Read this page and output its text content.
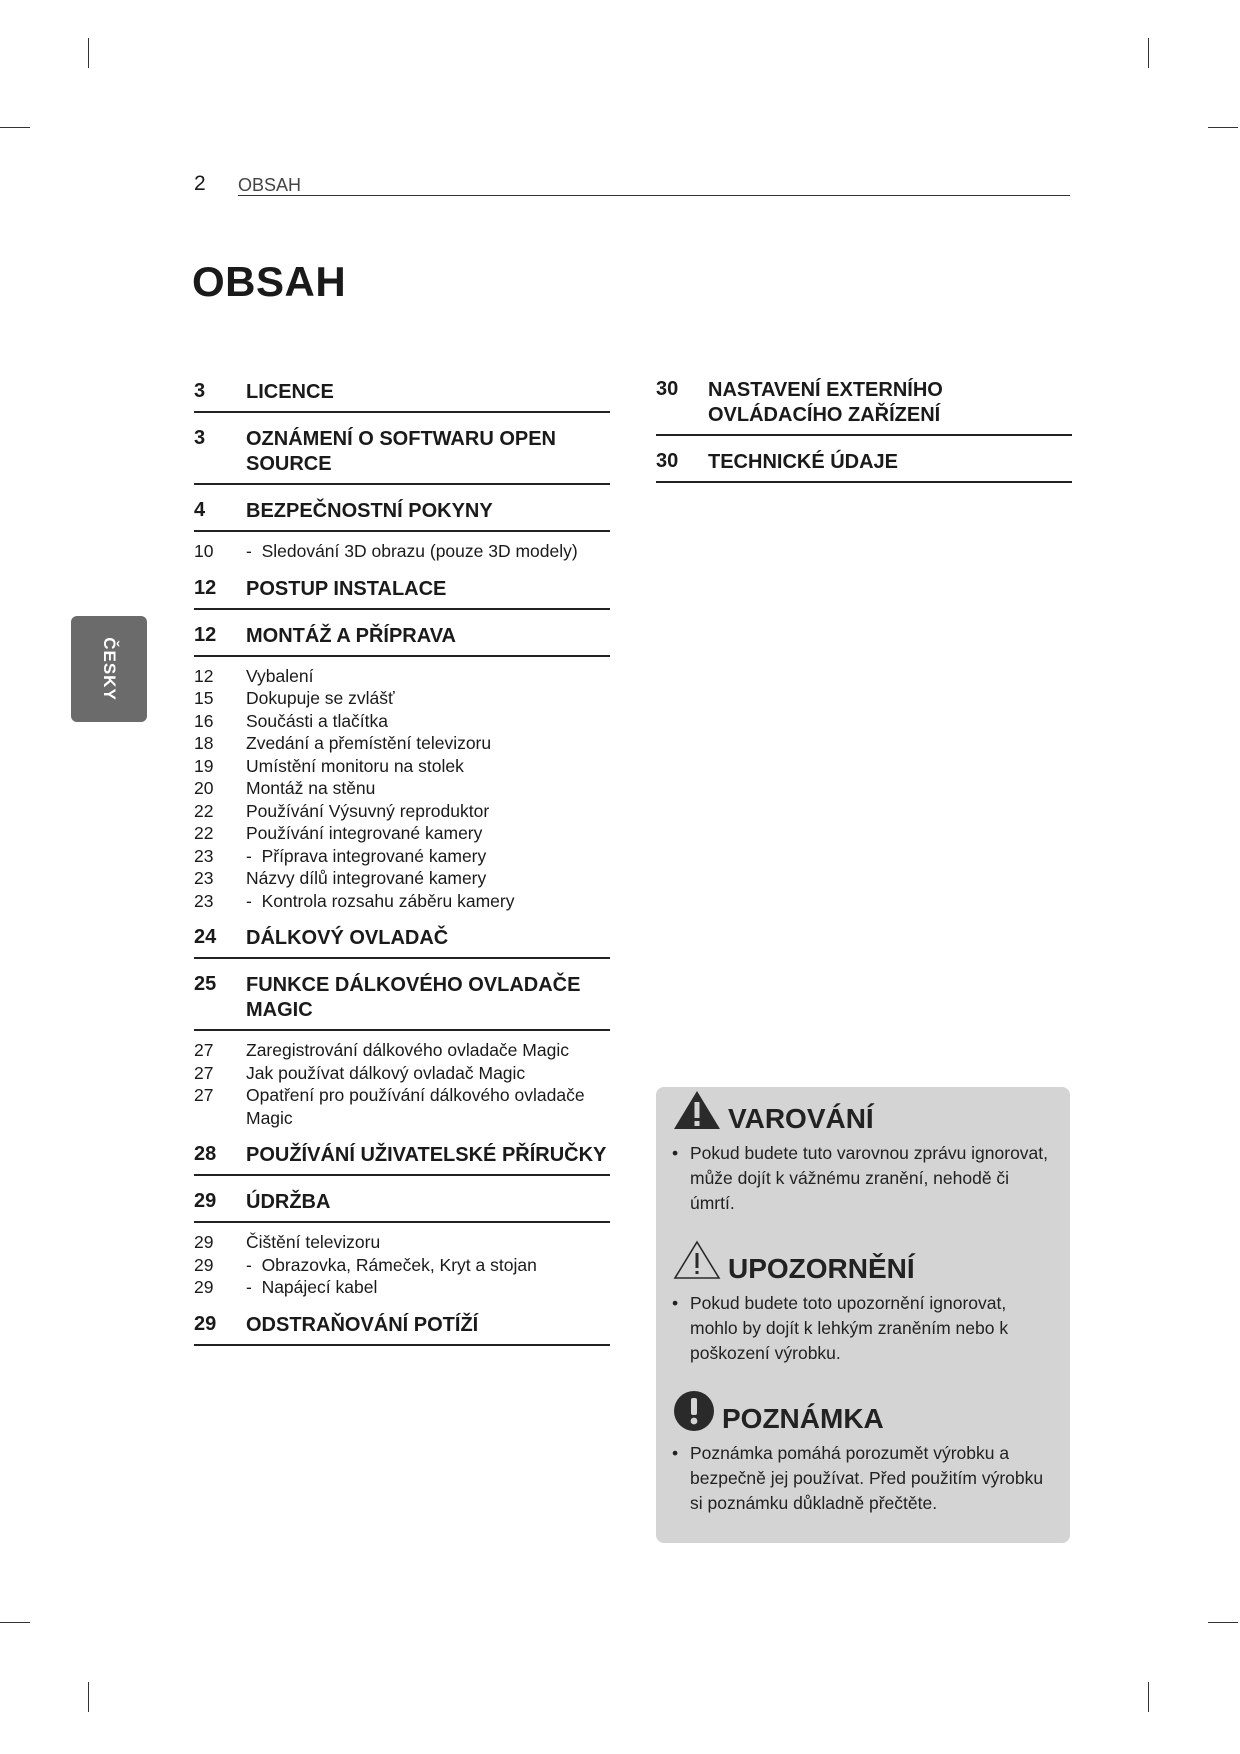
2 OBSAH
OBSAH
ČESKY
3 LICENCE
3 OZNÁMENÍ O SOFTWARU OPEN SOURCE
4 BEZPEČNOSTNÍ POKYNY
10	- Sledování 3D obrazu (pouze 3D modely)
12 POSTUP INSTALACE
12 MONTÁŽ A PŘÍPRAVA
12 Vybalení
15 Dokupuje se zvlášť
16 Součásti a tlačítka
18 Zvedání a přemístění televizoru
19 Umístění monitoru na stolek
20 Montáž na stěnu
22 Používání Výsuvný reproduktor
22 Používání integrované kamery
23	- Příprava integrované kamery
23 Názvy dílů integrované kamery
23	- Kontrola rozsahu záběru kamery
24 DÁLKOVÝ OVLADAČ
25 FUNKCE DÁLKOVÉHO OVLADAČE MAGIC
27 Zaregistrování dálkového ovladače Magic
27 Jak používat dálkový ovladač Magic
27 Opatření pro používání dálkového ovladače Magic
28 POUŽÍVÁNÍ UŽIVATELSKÉ PŘÍRUČKY
29 ÚDRŽBA
29 Čištění televizoru
29	- Obrazovka, Rámeček, Kryt a stojan
29	- Napájecí kabel
29 ODSTRAŇOVÁNÍ POTÍŽÍ
30 NASTAVENÍ EXTERNÍHO OVLÁDACÍHO ZAŘÍZENÍ
30 TECHNICKÉ ÚDAJE
VAROVÁNÍ

• Pokud budete tuto varovnou zprávu ignorovat, může dojít k vážnému zranění, nehodě či úmrtí.

UPOZORNĚNÍ

• Pokud budete toto upozornění ignorovat, mohlo by dojít k lehkým zraněním nebo k poškození výrobku.

POZNÁMKA

• Poznámka pomáhá porozumět výrobku a bezpečně jej používat. Před použitím výrobku si poznámku důkladně přečtěte.
